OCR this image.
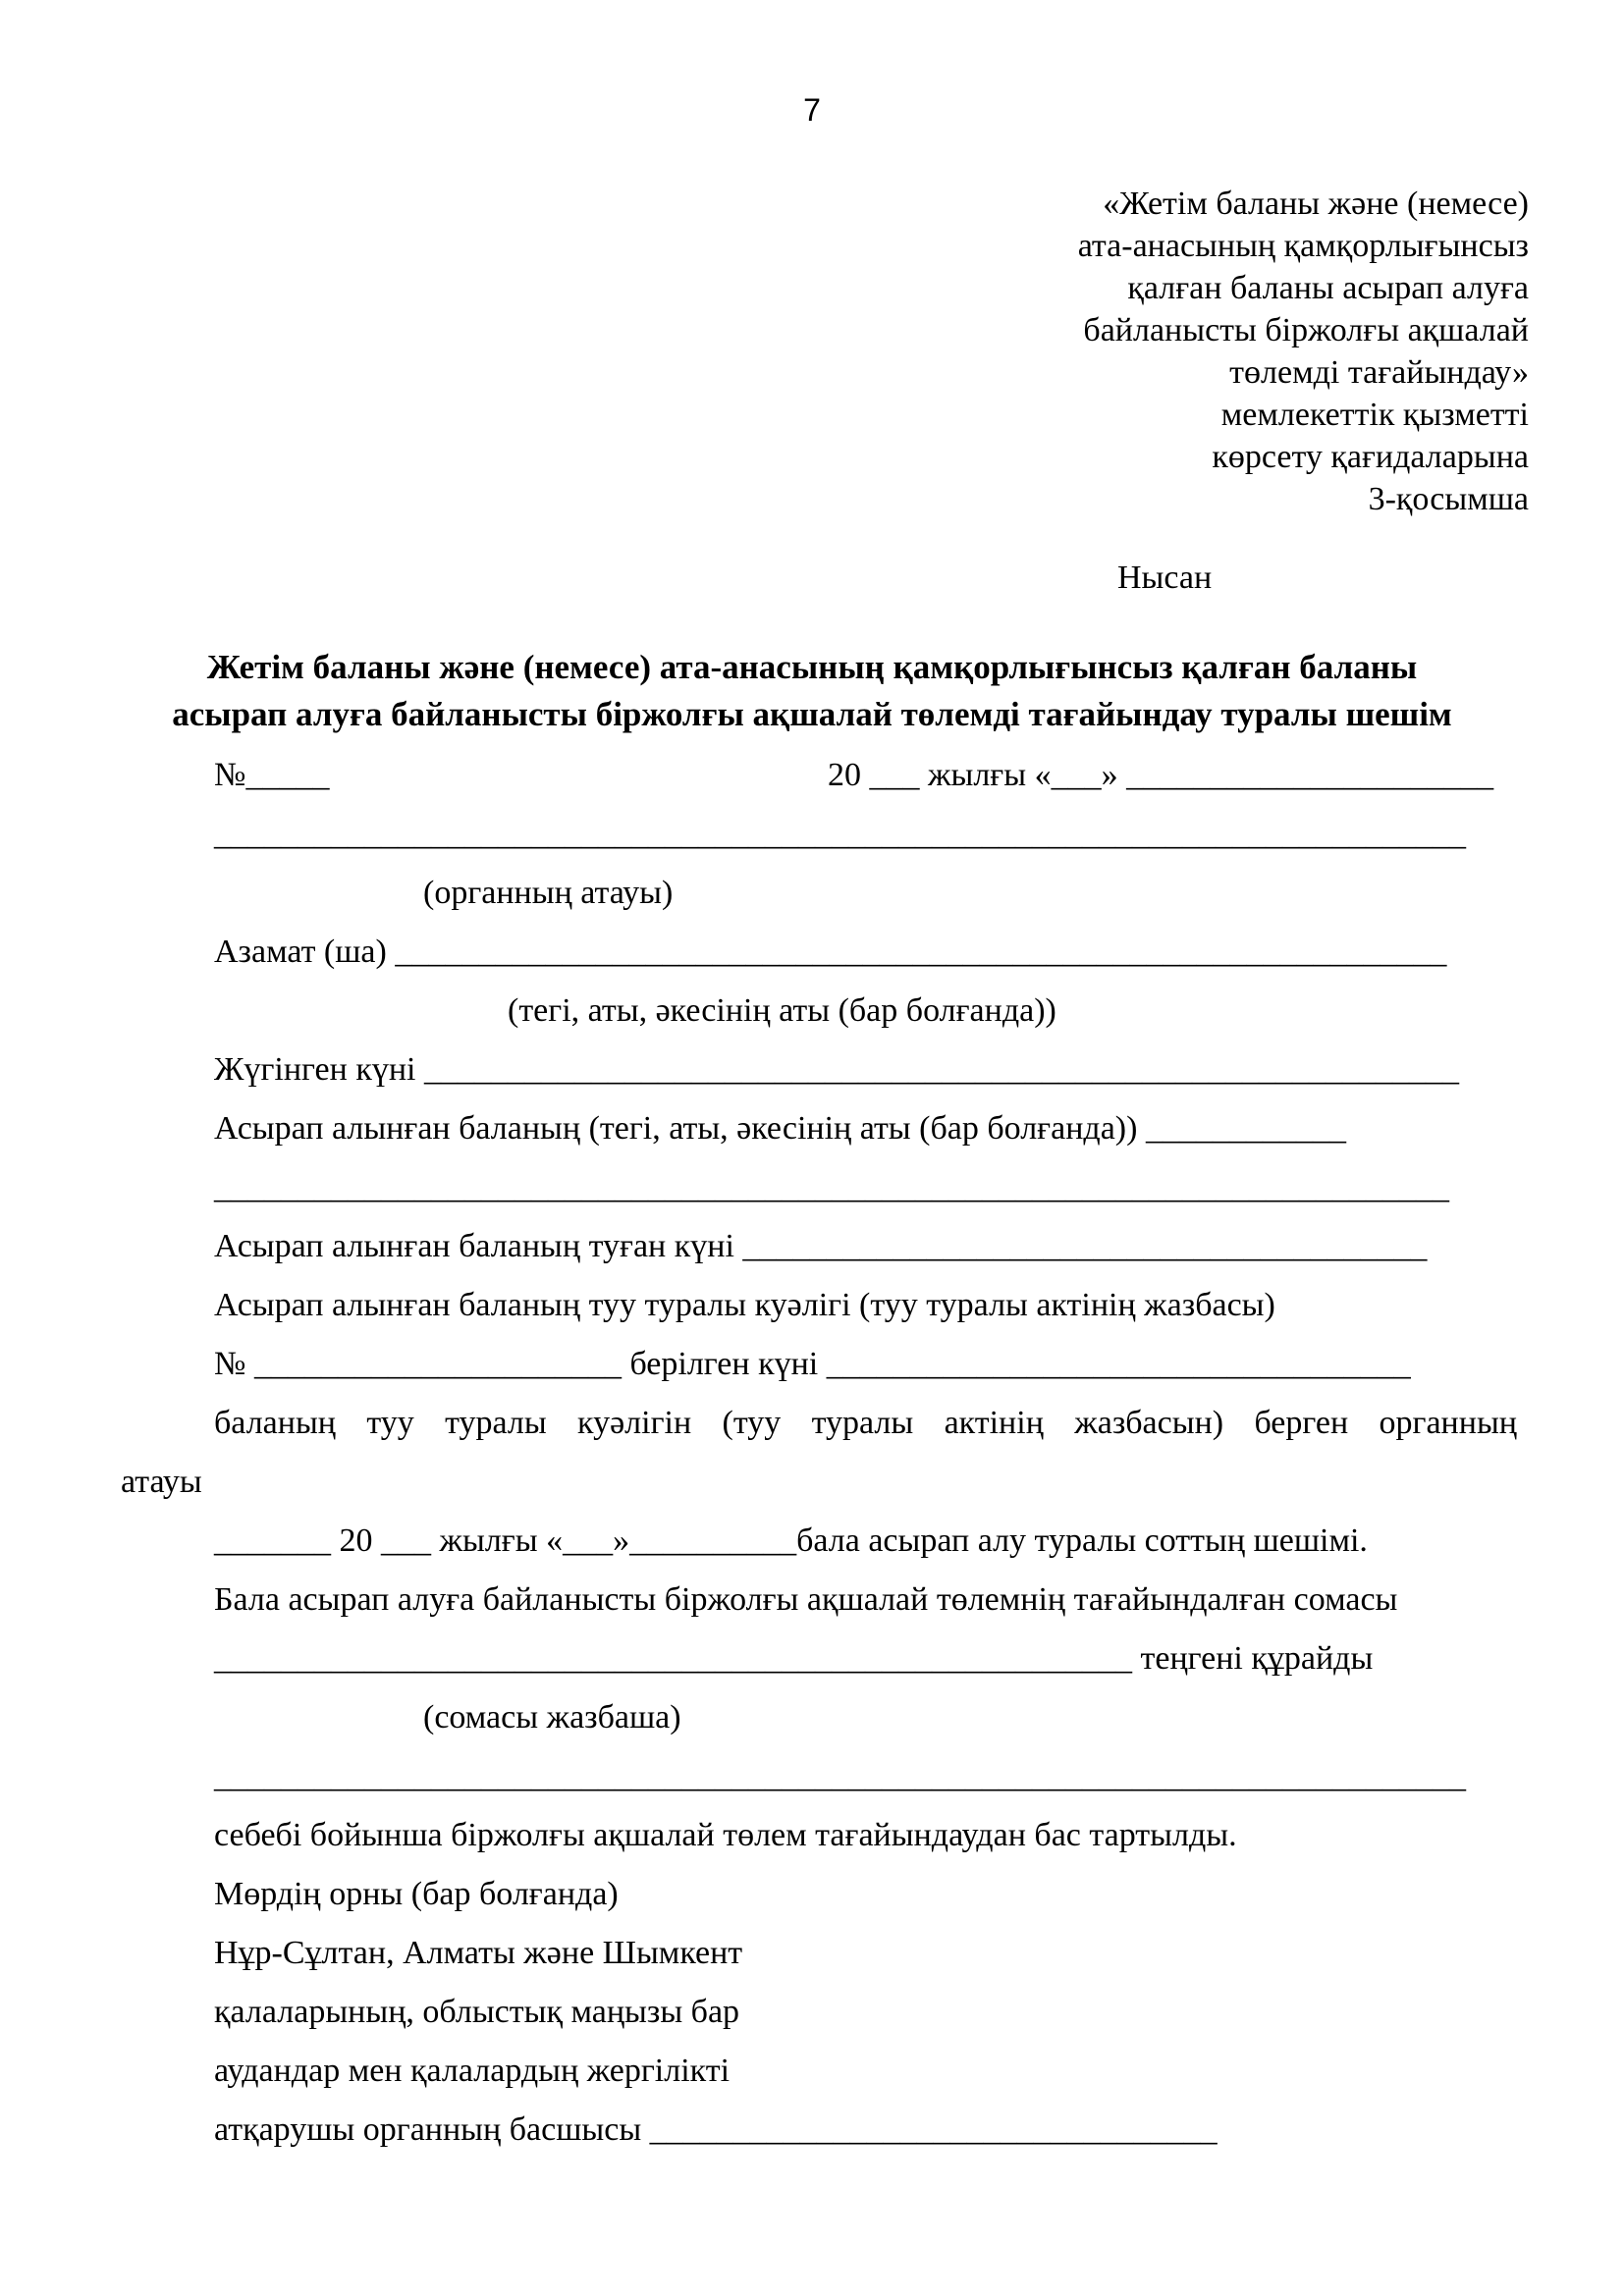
7
«Жетім баланы және (немесе)
ата-анасының қамқорлығынсыз
қалған баланы асырап алуға
байланысты біржолғы ақшалай
төлемді тағайындау»
мемлекеттік қызметті
көрсету қағидаларына
3-қосымша
Нысан
Жетім баланы және (немесе) ата-анасының қамқорлығынсыз қалған баланы
асырап алуға байланысты біржолғы ақшалай төлемді тағайындау туралы шешім
№_____	20 ___ жылғы «___» ______________________
___________________________________________________________________________
(органның атауы)
Азамат (ша) _______________________________________________________________
(тегі, аты, әкесінің аты (бар болғанда))
Жүгінген күні ______________________________________________________________
Асырап алынған баланың (тегі, аты, әкесінің аты (бар болғанда)) ____________
__________________________________________________________________________
Асырап алынған баланың туған күні _________________________________________
Асырап алынған баланың туу туралы куәлігі (туу туралы актінің жазбасы)
№ ______________________ берілген күні ___________________________________
баланың туу туралы куәлігін (туу туралы актінің жазбасын) берген органның
атауы
_______ 20 ___ жылғы «___»__________бала асырап алу туралы соттың шешімі.
Бала асырап алуға байланысты біржолғы ақшалай төлемнің тағайындалған сомасы
_______________________________________________________ теңгені құрайды
(сомасы жазбаша)
___________________________________________________________________________
себебі бойынша біржолғы ақшалай төлем тағайындаудан бас тартылды.
Мөрдің орны (бар болғанда)
Нұр-Сұлтан, Алматы және Шымкент
қалаларының, облыстық маңызы бар
аудандар мен қалалардың жергілікті
атқарушы органның басшысы __________________________________
